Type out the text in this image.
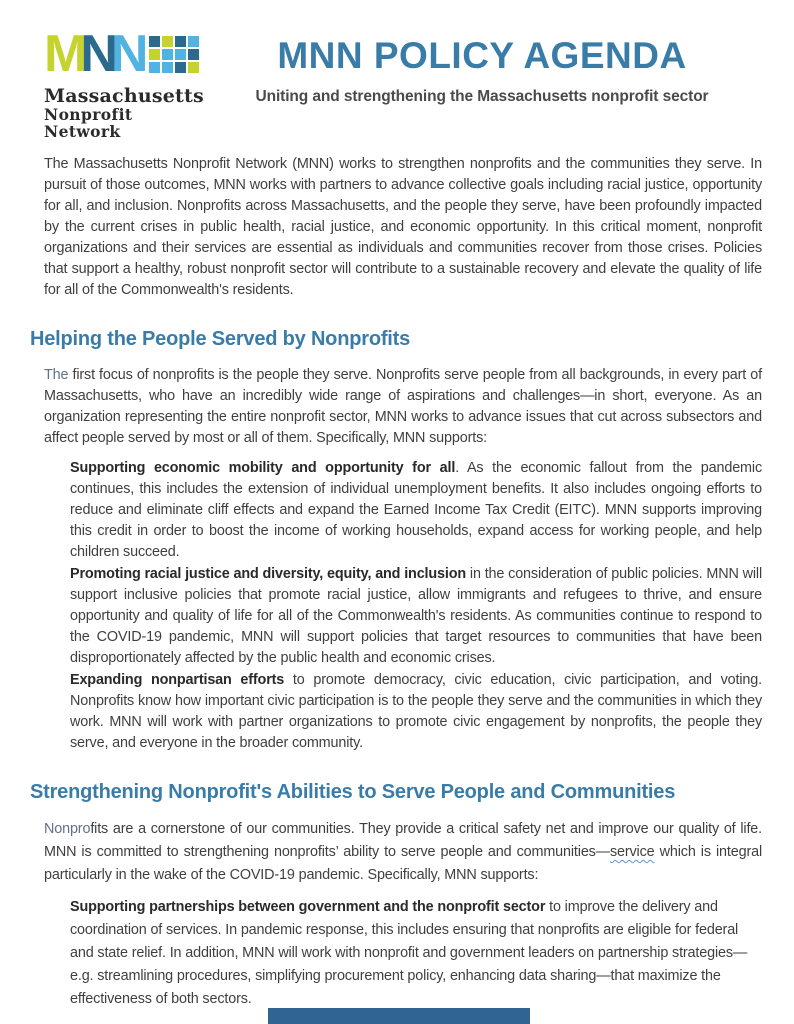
M N N
Massachusetts
Nonprofit Network
MNN POLICY AGENDA
Uniting and strengthening the Massachusetts nonprofit sector

The Massachusetts Nonprofit Network (MNN) works to strengthen nonprofits and the communities they serve. In pursuit of those outcomes, MNN works with partners to advance collective goals including racial justice, opportunity for all, and inclusion. Nonprofits across Massachusetts, and the people they serve, have been profoundly impacted by the current crises in public health, racial justice, and economic opportunity. In this critical moment, nonprofit organizations and their services are essential as individuals and communities recover from those crises. Policies that support a healthy, robust nonprofit sector will contribute to a sustainable recovery and elevate the quality of life for all of the Commonwealth's residents.

Helping the People Served by Nonprofits

The first focus of nonprofits is the people they serve. Nonprofits serve people from all backgrounds, in every part of Massachusetts, who have an incredibly wide range of aspirations and challenges—in short, everyone. As an organization representing the entire nonprofit sector, MNN works to advance issues that cut across subsectors and affect people served by most or all of them. Specifically, MNN supports:

Supporting economic mobility and opportunity for all. As the economic fallout from the pandemic continues, this includes the extension of individual unemployment benefits. It also includes ongoing efforts to reduce and eliminate cliff effects and expand the Earned Income Tax Credit (EITC). MNN supports improving this credit in order to boost the income of working households, expand access for working people, and help children succeed.

Promoting racial justice and diversity, equity, and inclusion in the consideration of public policies. MNN will support inclusive policies that promote racial justice, allow immigrants and refugees to thrive, and ensure opportunity and quality of life for all of the Commonwealth's residents. As communities continue to respond to the COVID-19 pandemic, MNN will support policies that target resources to communities that have been disproportionately affected by the public health and economic crises.

Expanding nonpartisan efforts to promote democracy, civic education, civic participation, and voting. Nonprofits know how important civic participation is to the people they serve and the communities in which they work. MNN will work with partner organizations to promote civic engagement by nonprofits, the people they serve, and everyone in the broader community.

Strengthening Nonprofit's Abilities to Serve People and Communities

Nonprofits are a cornerstone of our communities. They provide a critical safety net and improve our quality of life. MNN is committed to strengthening nonprofits’ ability to serve people and communities—service which is integral particularly in the wake of the COVID-19 pandemic. Specifically, MNN supports:

Supporting partnerships between government and the nonprofit sector to improve the delivery and coordination of services. In pandemic response, this includes ensuring that nonprofits are eligible for federal and state relief. In addition, MNN will work with nonprofit and government leaders on partnership strategies—e.g. streamlining procedures, simplifying procurement policy, enhancing data sharing—that maximize the effectiveness of both sectors.
